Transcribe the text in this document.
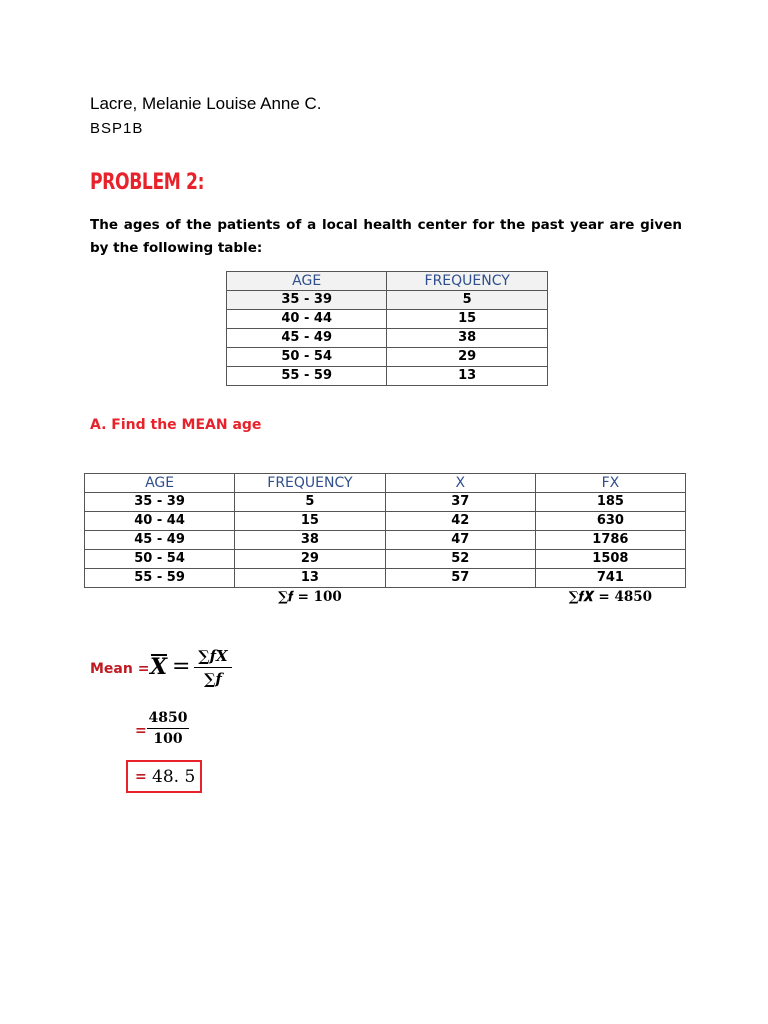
Lacre, Melanie Louise Anne C.
BSP1B
PROBLEM 2:
The ages of the patients of a local health center for the past year are given by the following table:
AGE	FREQUENCY
35 - 39	5
40 - 44	15
45 - 49	38
50 - 54	29
55 - 59	13
A. Find the MEAN age
AGE	FREQUENCY	X	FX
35 - 39	5	37	185
40 - 44	15	42	630
45 - 49	38	47	1786
50 - 54	29	52	1508
55 - 59	13	57	741
	∑𝒇 = 𝟏𝟎𝟎		∑𝒇𝑿 = 𝟒𝟖𝟓𝟎
Mean = X = ∑fX
∑f
=
4850
100
= 48. 5
